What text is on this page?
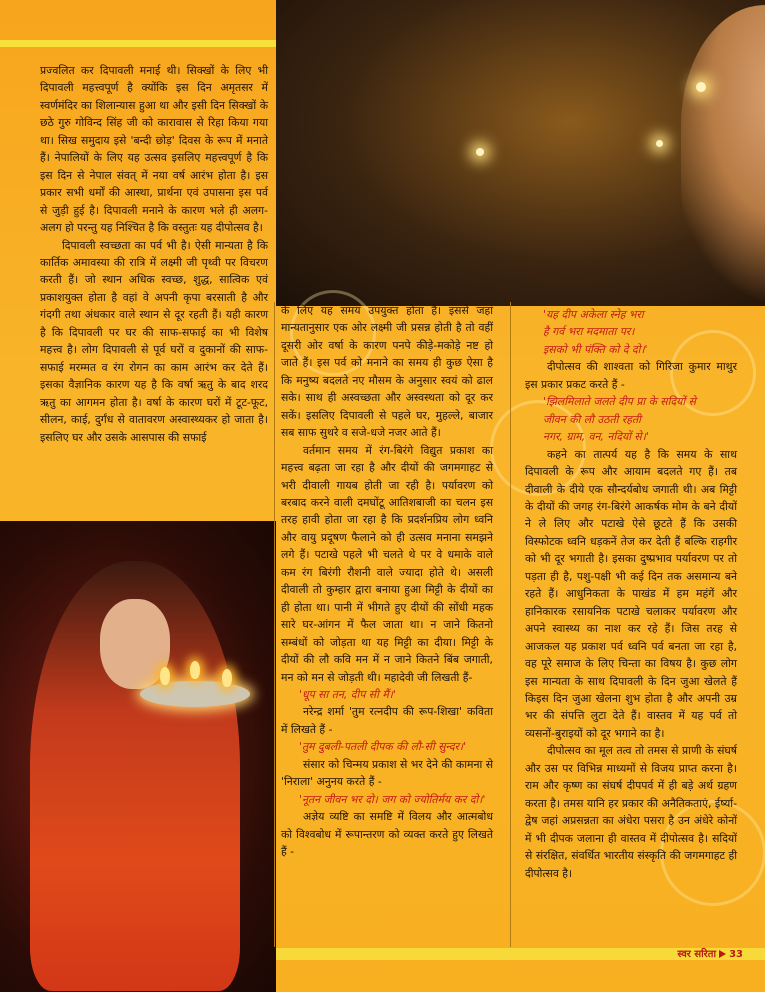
प्रज्वलित कर दिपावली मनाई थी। सिक्खों के लिए भी दिपावली महत्त्वपूर्ण है क्योंकि इस दिन अमृतसर में स्वर्णमंदिर का शिलान्यास हुआ था और इसी दिन सिक्खों के छठे गुरु गोविन्द सिंह जी को कारावास से रिहा किया गया था। सिख समुदाय इसे 'बन्दी छोड़' दिवस के रूप में मनाते हैं। नेपालियों के लिए यह उत्सव इसलिए महत्त्वपूर्ण है कि इस दिन से नेपाल संवत् में नया वर्ष आरंभ होता है। इस प्रकार सभी धर्मों की आस्था, प्रार्थना एवं उपासना इस पर्व से जुड़ी हुई है। दिपावली मनाने के कारण भले ही अलग-अलग हो परन्तु यह निश्चित है कि वस्तुतः यह दीपोत्सव है।

दिपावली स्वच्छता का पर्व भी है। ऐसी मान्यता है कि कार्तिक अमावस्या की रात्रि में लक्ष्मी जी पृथ्वी पर विचरण करती हैं। जो स्थान अधिक स्वच्छ, शुद्ध, सात्विक एवं प्रकाशयुक्त होता है वहां वे अपनी कृपा बरसाती है और गंदगी तथा अंधकार वाले स्थान से दूर रहती हैं। यही कारण है कि दिपावली पर घर की साफ-सफाई का भी विशेष महत्त्व है। लोग दिपावली से पूर्व घरों व दुकानों की साफ-सफाई मरम्मत व रंग रोगन का काम आरंभ कर देते हैं। इसका वैज्ञानिक कारण यह है कि वर्षा ऋतु के बाद शरद ऋतु का आगमन होता है। वर्षा के कारण घरों में टूट-फूट, सीलन, काई, दुर्गंध से वातावरण अस्वास्थ्यकर हो जाता है। इसलिए घर और उसके आसपास की सफाई

के लिए यह समय उपयुक्त होता है। इससे जहां मान्यतानुसार एक ओर लक्ष्मी जी प्रसन्न होती है तो वहीं दूसरी ओर वर्षा के कारण पनपे कीड़े-मकोड़े नष्ट हो जाते हैं। इस पर्व को मनाने का समय ही कुछ ऐसा है कि मनुष्य बदलते नए मौसम के अनुसार स्वयं को ढाल सके। साथ ही अस्वच्छता और अस्वस्थता को दूर कर सकें। इसलिए दिपावली से पहले घर, मुहल्ले, बाजार सब साफ सुथरे व सजे-धजे नजर आते हैं।

वर्तमान समय में रंग-बिरंगे विद्युत प्रकाश का महत्त्व बढ़ता जा रहा है और दीयों की जगमगाहट से भरी दीवाली गायब होती जा रही है। पर्यावरण को बरबाद करने वाली दमघोंटू आतिशबाजी का चलन इस तरह हावी होता जा रहा है कि प्रदर्शनप्रिय लोग ध्वनि और वायु प्रदूषण फैलाने को ही उत्सव मनाना समझने लगे हैं। पटाखे पहले भी चलते थे पर वे धमाके वाले कम रंग बिरंगी रौशनी वाले ज्यादा होते थे। असली दीवाली तो कुम्हार द्वारा बनाया हुआ मिट्टी के दीयों का ही होता था। पानी में भीगते हुए दीयों की सोंधी महक सारे घर-आंगन में फैल जाता था। न जाने कितनो सम्बंधों को जोड़ता था यह मिट्टी का दीया। मिट्टी के दीयों की लौ कवि मन में न जाने कितने बिंब जगाती, मन को मन से जोड़ती थी। महादेवी जी लिखती हैं-

'धूप सा तन, दीप सी मैं।'

नरेन्द्र शर्मा 'तुम रत्नदीप की रूप-शिखा' कविता में लिखते हैं -

'तुम दुबली-पतली दीपक की लौ-सी सुन्दर।'

संसार को चिन्मय प्रकाश से भर देने की कामना से 'निराला' अनुनय करते हैं -

'नूतन जीवन भर दो। जग को ज्योतिर्मय कर दो।'

अज्ञेय व्यष्टि का समष्टि में विलय और आत्मबोध को विश्वबोध में रूपान्तरण को व्यक्त करते हुए लिखते हैं -

'यह दीप अकेला स्नेह भरा
है गर्व भरा मदमाता पर।
इसको भी पंक्ति को दे दो।'

दीपोत्सव की शाश्वता को गिरिजा कुमार माथुर इस प्रकार प्रकट करते हैं -

'झिलमिलाते जलते दीप प्रा के सदियों से
जीवन की लौ उठती रहती
नगर, ग्राम, वन, नदियों से।'

कहने का तात्पर्य यह है कि समय के साथ दिपावली के रूप और आयाम बदलते गए हैं। तब दीवाली के दीये एक सौन्दर्यबोध जगाती थी। अब मिट्टी के दीयों की जगह रंग-बिरंगे आकर्षक मोम के बने दीयों ने ले लिए और पटाखे ऐसे छूटते हैं कि उसकी विस्फोटक ध्वनि धड़कनें तेज कर देती हैं बल्कि राहगीर को भी दूर भगाती है। इसका दुष्प्रभाव पर्यावरण पर तो पड़ता ही है, पशु-पक्षी भी कई दिन तक असमान्य बने रहते हैं। आधुनिकता के पाखंड में हम महंगें और हानिकारक रसायनिक पटाखे चलाकर पर्यावरण और अपने स्वास्थ्य का नाश कर रहे हैं। जिस तरह से आजकल यह प्रकाश पर्व ध्वनि पर्व बनता जा रहा है, वह पूरे समाज के लिए चिन्ता का विषय है। कुछ लोग इस मान्यता के साथ दिपावली के दिन जुआ खेलते हैं किइस दिन जुआ खेलना शुभ होता है और अपनी उम्र भर की संपत्ति लुटा देते हैं। वास्तव में यह पर्व तो व्यसनों-बुराइयों को दूर भगाने का है।

दीपोत्सव का मूल तत्व तो तमस से प्राणी के संघर्ष और उस पर विभिन्न माध्यमों से विजय प्राप्त करना है। राम और कृष्ण का संघर्ष दीपपर्व में ही बड़े अर्थ ग्रहण करता है। तमस यानि हर प्रकार की अनैतिकताएं, ईर्ष्या-द्वेष जहां अप्रसन्नता का अंधेरा पसरा है उन अंधेरे कोनों में भी दीपक जलाना ही वास्तव में दीपोत्सव है। सदियों से संरक्षित, संवर्धित भारतीय संस्कृति की जगमगाहट ही दीपोत्सव है।

स्वर सरिता 33
